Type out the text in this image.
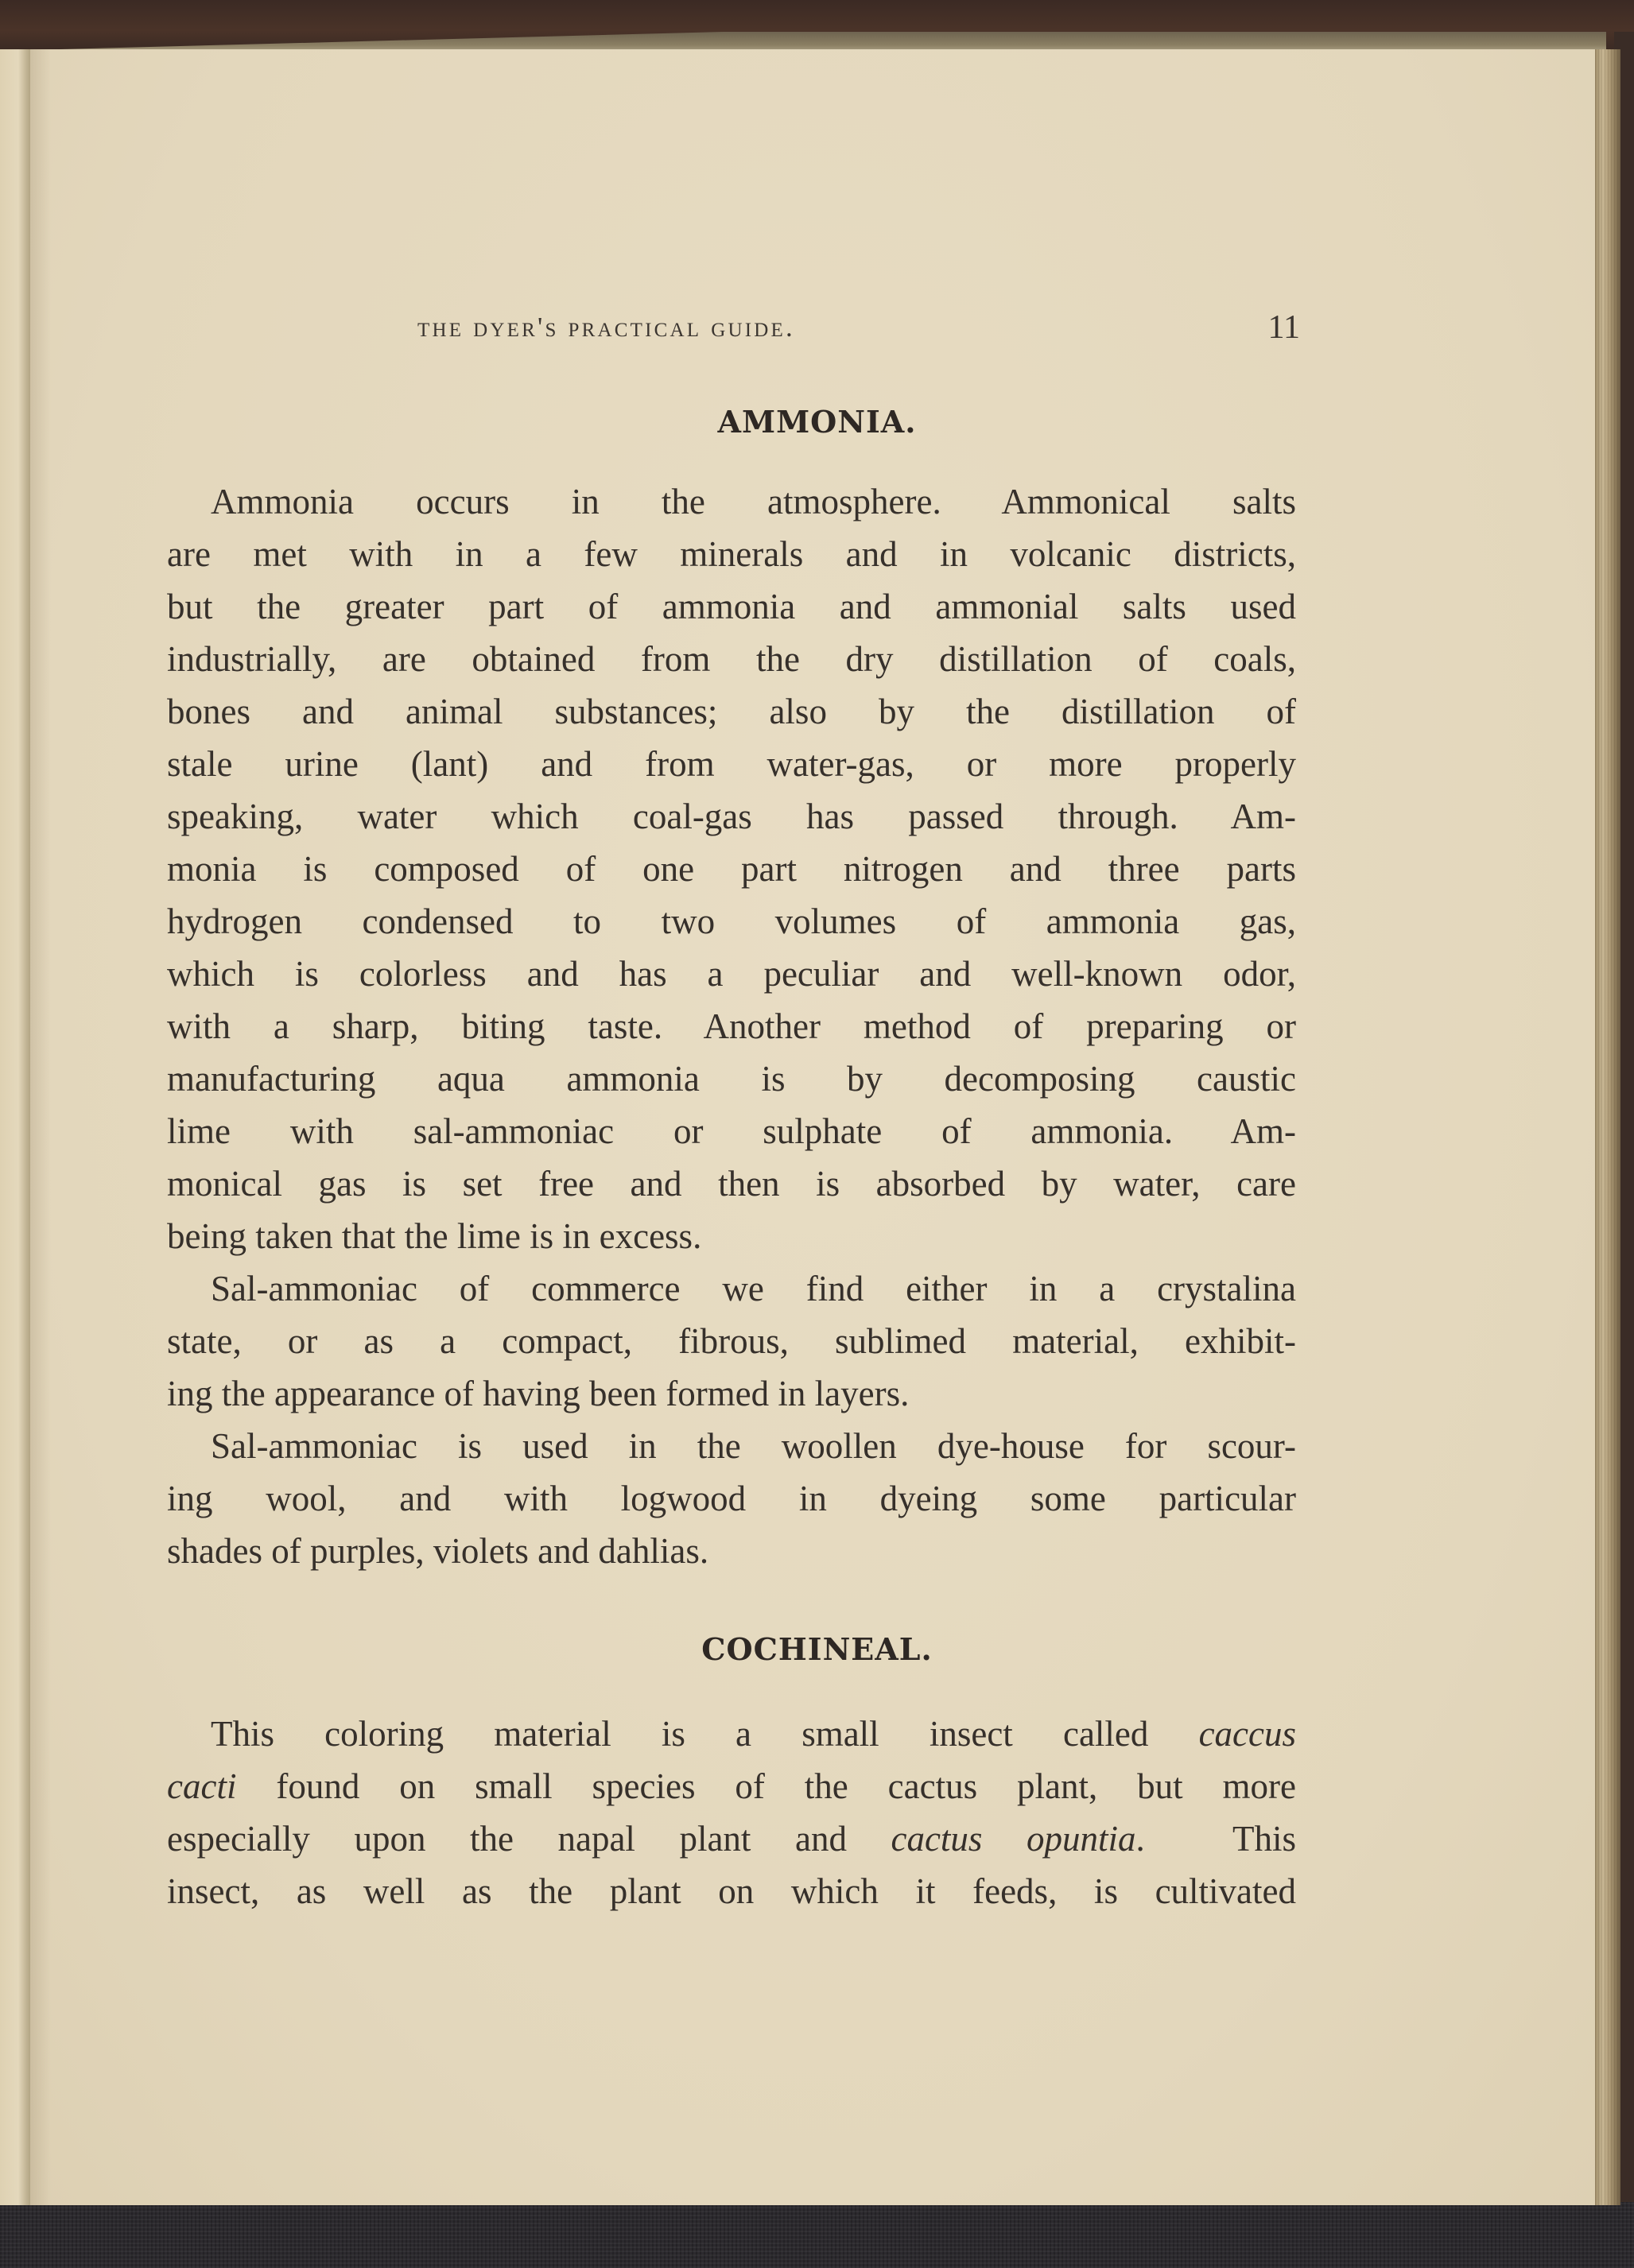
the dyer's practical guide.	11
AMMONIA.
Ammonia occurs in the atmosphere. Ammonical salts
are met with in a few minerals and in volcanic districts,
but the greater part of ammonia and ammonial salts used
industrially, are obtained from the dry distillation of coals,
bones and animal substances; also by the distillation of
stale urine (lant) and from water-gas, or more properly
speaking, water which coal-gas has passed through. Am-
monia is composed of one part nitrogen and three parts
hydrogen condensed to two volumes of ammonia gas,
which is colorless and has a peculiar and well-known odor,
with a sharp, biting taste. Another method of preparing or
manufacturing aqua ammonia is by decomposing caustic
lime with sal-ammoniac or sulphate of ammonia. Am-
monical gas is set free and then is absorbed by water, care
being taken that the lime is in excess.
Sal-ammoniac of commerce we find either in a crystalina
state, or as a compact, fibrous, sublimed material, exhibit-
ing the appearance of having been formed in layers.
Sal-ammoniac is used in the woollen dye-house for scour-
ing wool, and with logwood in dyeing some particular
shades of purples, violets and dahlias.
COCHINEAL.
This coloring material is a small insect called caccus
cacti found on small species of the cactus plant, but more
especially upon the napal plant and cactus opuntia.  This
insect, as well as the plant on which it feeds, is cultivated
